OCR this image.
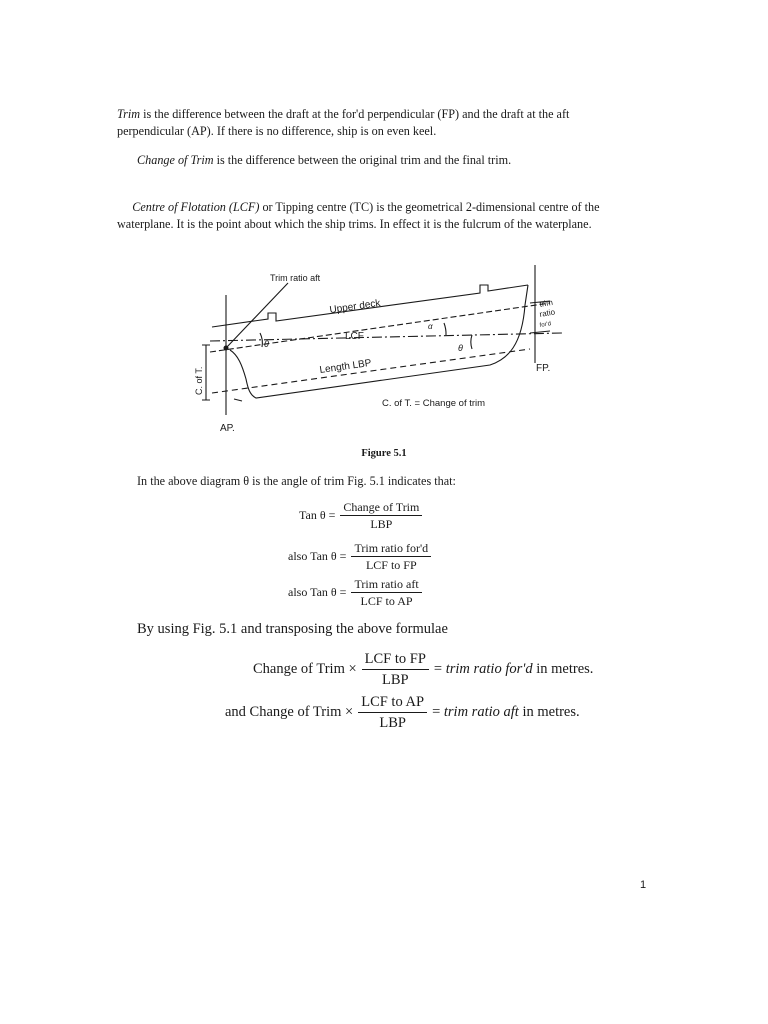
Trim is the difference between the draft at the for'd perpendicular (FP) and the draft at the aft perpendicular (AP). If there is no difference, ship is on even keel.

Change of Trim is the difference between the original trim and the final trim.

Centre of Flotation (LCF) or Tipping centre (TC) is the geometrical 2-dimensional centre of the waterplane. It is the point about which the ship trims. In effect it is the fulcrum of the waterplane.

Trim ratio aft
Upper deck
LCF
θ	θ
α
Length LBP
C. of T.
trim
ratio
for'd
FP.
AP.
C. of T. = Change of trim
Figure 5.1
In the above diagram θ is the angle of trim Fig. 5.1 indicates that:
Tan $\theta = \frac{\text{Change of Trim}}{\text{LBP}}$
also Tan $\theta = \frac{\text{Trim ratio for'd}}{\text{LCF to FP}}$
also Tan $\theta = \frac{\text{Trim ratio aft}}{\text{LCF to AP}}$
By using Fig. 5.1 and transposing the above formulae
Change of Trim × $\frac{\text{LCF to FP}}{\text{LBP}}$ =
trim ratio for'd in metres.
and Change of Trim × $\frac{\text{LCF to AP}}{\text{LBP}}$ =
trim ratio aft in metres.
1
